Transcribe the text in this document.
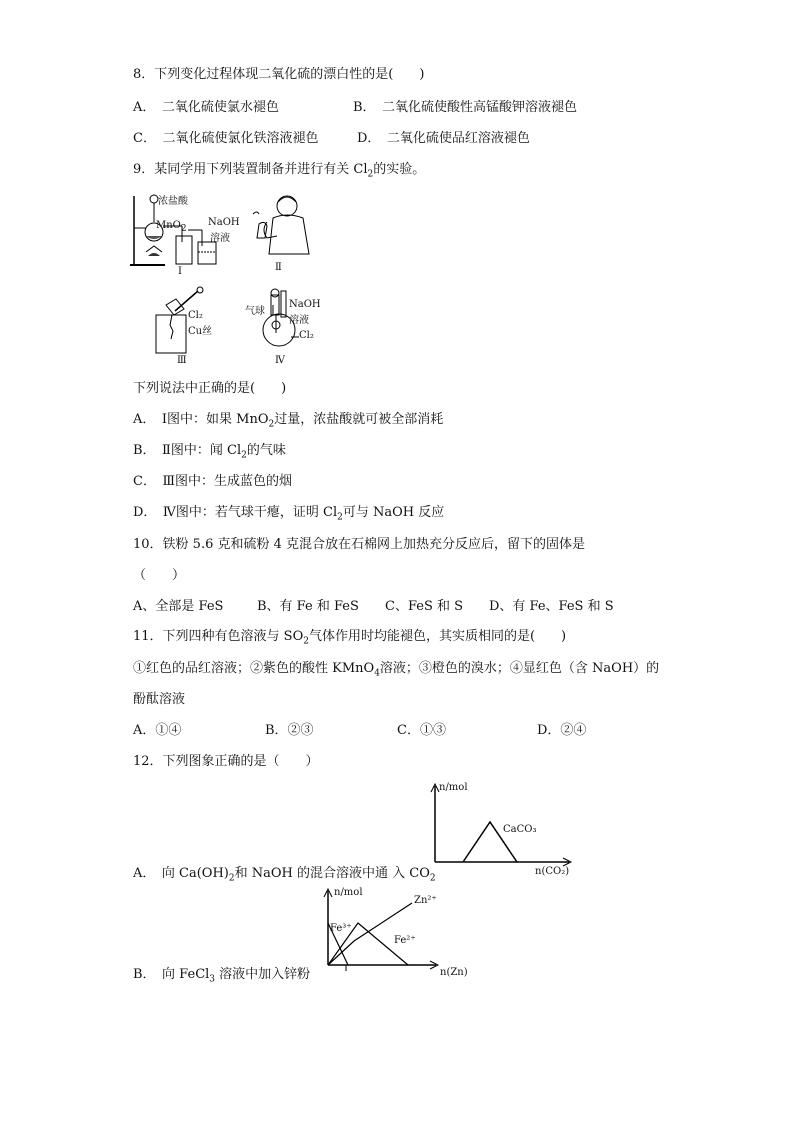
8．下列变化过程体现二氧化硫的漂白性的是(　　)
A．　二氧化硫使氯水褪色	B．　二氧化硫使酸性高锰酸钾溶液褪色
C．　二氧化硫使氯化铁溶液褪色	D．　二氧化硫使品红溶液褪色
9．某同学用下列装置制备并进行有关 $Cl_2$的实验。
浓盐酸
MnO$_2$
NaOH
溶液
Ⅰ	Ⅱ
Cl₂
Cu丝
Ⅲ
气球
NaOH
溶液
Cl₂
Ⅳ
下列说法中正确的是(　　)
A．　Ⅰ图中：如果 MnO$_2$过量，浓盐酸就可被全部消耗
B．　Ⅱ图中：闻 $Cl_2$的气味
C．　Ⅲ图中：生成蓝色的烟
D．　Ⅳ图中：若气球干瘪，证明 $Cl_2$可与 NaOH 反应
10．铁粉 5.6 克和硫粉 4 克混合放在石棉网上加热充分反应后，留下的固体是
（　　）
A、全部是 FeS	B、有 Fe 和 FeS C、FeS 和 S D、有 Fe、FeS 和 S
11．下列四种有色溶液与 $SO_2$气体作用时均能褪色，其实质相同的是(　　)
①红色的品红溶液；②紫色的酸性 KMnO$_4$溶液；③橙色的溴水；④显红色（含 NaOH）的
酚酞溶液
A．①④	B．②③	C．①③	D．②④
12．下列图象正确的是（　　）
n/mol
CaCO₃
n(CO₂)
A．　向 $Ca(OH)_2$和 NaOH 的混合溶液中通 入 $CO_2$
n/mol
Zn²⁺
Fe³⁺
Fe²⁺
n(Zn)
B．　向 FeCl$_3$ 溶液中加入锌粉
